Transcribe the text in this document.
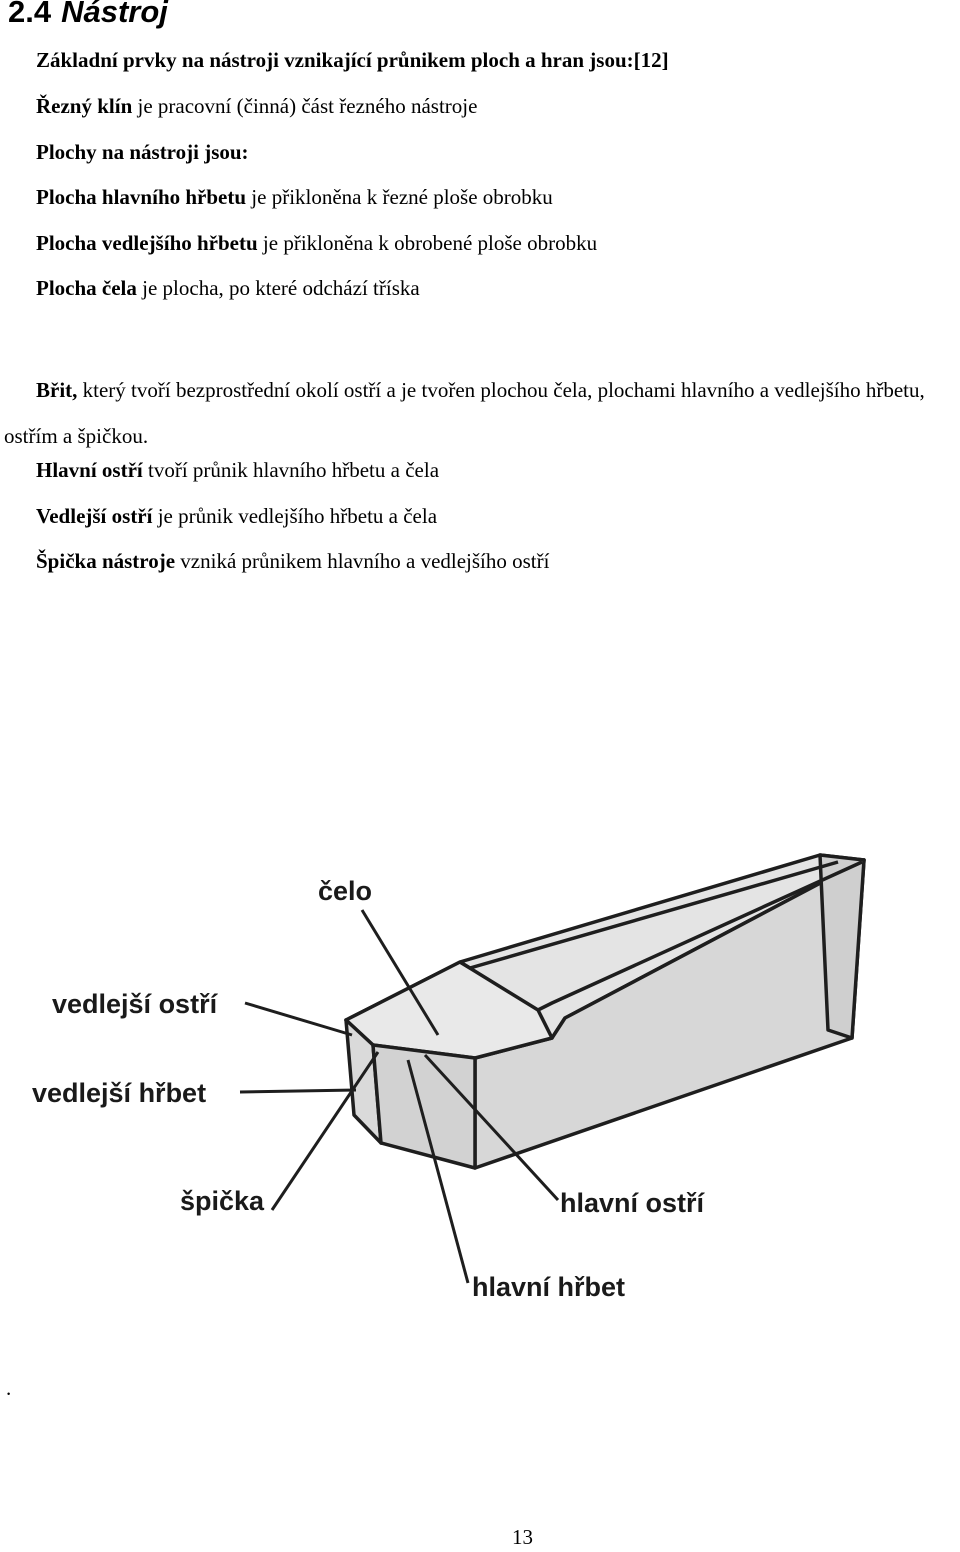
2.4 Nástroj

Základní prvky na nástroji vznikající průnikem ploch a hran jsou:[12]

Řezný klín je pracovní (činná) část řezného nástroje

Plochy na nástroji jsou:

Plocha hlavního hřbetu je přikloněna k řezné ploše obrobku

Plocha vedlejšího hřbetu je přikloněna k obrobené ploše obrobku

Plocha čela je plocha, po které odchází tříska

Břit, který tvoří bezprostřední okolí ostří a je tvořen plochou čela, plochami hlavního a vedlejšího hřbetu, ostřím a špičkou.

Hlavní ostří tvoří průnik hlavního hřbetu a čela

Vedlejší ostří je průnik vedlejšího hřbetu a čela

Špička nástroje vzniká průnikem hlavního a vedlejšího ostří

čelo
vedlejší ostří
vedlejší hřbet
špička	hlavní ostří
hlavní hřbet
.
13
